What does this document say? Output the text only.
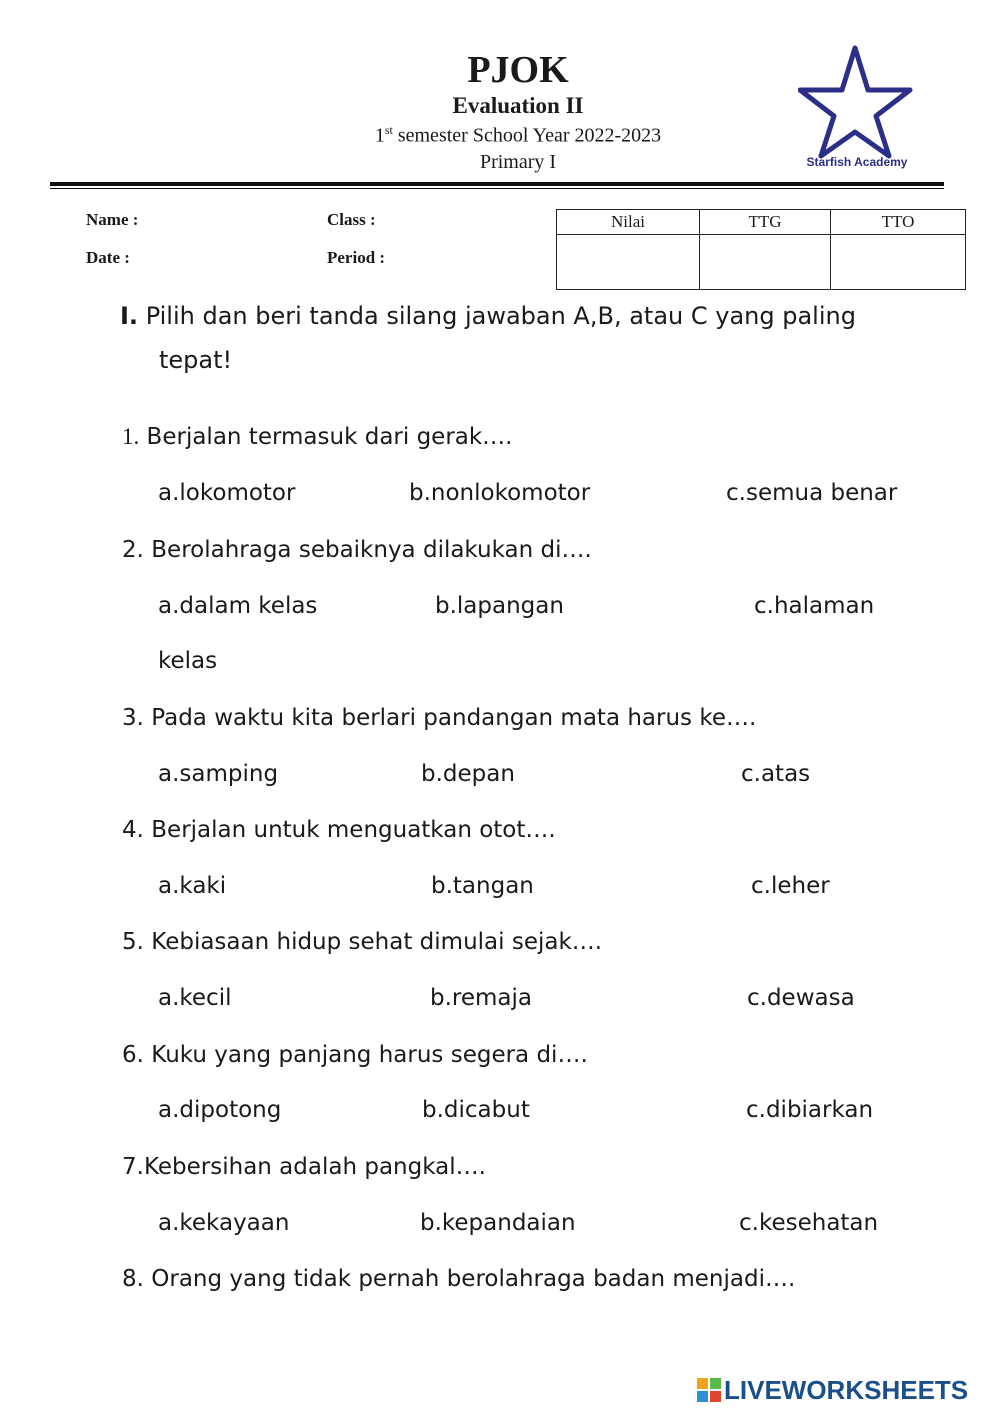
PJOK
Evaluation II
1st semester School Year 2022-2023
Primary I	Starfish Academy
Name :	Class :
Date :	Period :
Nilai	TTG	TTO

I. Pilih dan beri tanda silang jawaban A,B, atau C yang paling
tepat!
1. Berjalan termasuk dari gerak….
a.lokomotor	b.nonlokomotor	c.semua benar
2. Berolahraga sebaiknya dilakukan di….
a.dalam kelas	b.lapangan	c.halaman
kelas
3. Pada waktu kita berlari pandangan mata harus ke….
a.samping	b.depan	c.atas
4. Berjalan untuk menguatkan otot….
a.kaki	b.tangan	c.leher
5. Kebiasaan hidup sehat dimulai sejak….
a.kecil	b.remaja	c.dewasa
6. Kuku yang panjang harus segera di….
a.dipotong	b.dicabut	c.dibiarkan
7.Kebersihan adalah pangkal….
a.kekayaan	b.kepandaian	c.kesehatan
8. Orang yang tidak pernah berolahraga badan menjadi….
LIVEWORKSHEETS
